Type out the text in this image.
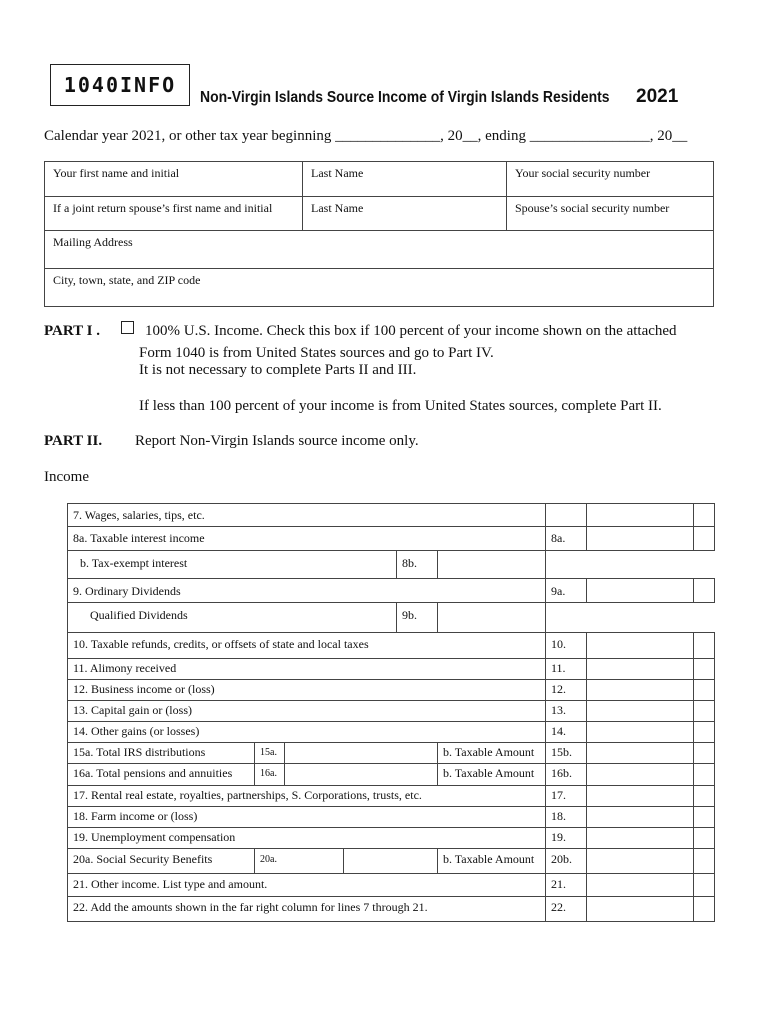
1040INFO
Non-Virgin Islands Source Income of Virgin Islands Residents 2021
Calendar year 2021, or other tax year beginning ______________, 20__, ending ________________, 20__
Your first name and initial	Last Name	Your social security number
If a joint return spouse’s first name and initial	Last Name	Spouse’s social security number
Mailing Address		
City, town, state, and ZIP code		
PART I .	100% U.S. Income. Check this box if 100 percent of your income shown on the attached
Form 1040 is from United States sources and go to Part IV.
It is not necessary to complete Parts II and III.
If less than 100 percent of your income is from United States sources, complete Part II.
PART II. Report Non-Virgin Islands source income only.
Income
7. Wages, salaries, tips, etc.								
8a. Taxable interest income						8a.		
b. Tax-exempt interest				8b.				
9. Ordinary Dividends						9a.		
Qualified Dividends				9b.				
10. Taxable refunds, credits, or offsets of state and local taxes						10.		
11. Alimony received						11.		
12. Business income or (loss)						12.		
13. Capital gain or (loss)						13.		
14. Other gains (or losses)						14.		
15a. Total IRS distributions	15a.				b. Taxable Amount	15b.		
16a. Total pensions and annuities	16a.				b. Taxable Amount	16b.		
17. Rental real estate, royalties, partnerships, S. Corporations, trusts, etc.						17.		
18. Farm income or (loss)						18.		
19. Unemployment compensation						19.		
20a. Social Security Benefits	20a.				b. Taxable Amount	20b.		
21. Other income. List type and amount.						21.		
22. Add the amounts shown in the far right column for lines 7 through 21.						22.		
